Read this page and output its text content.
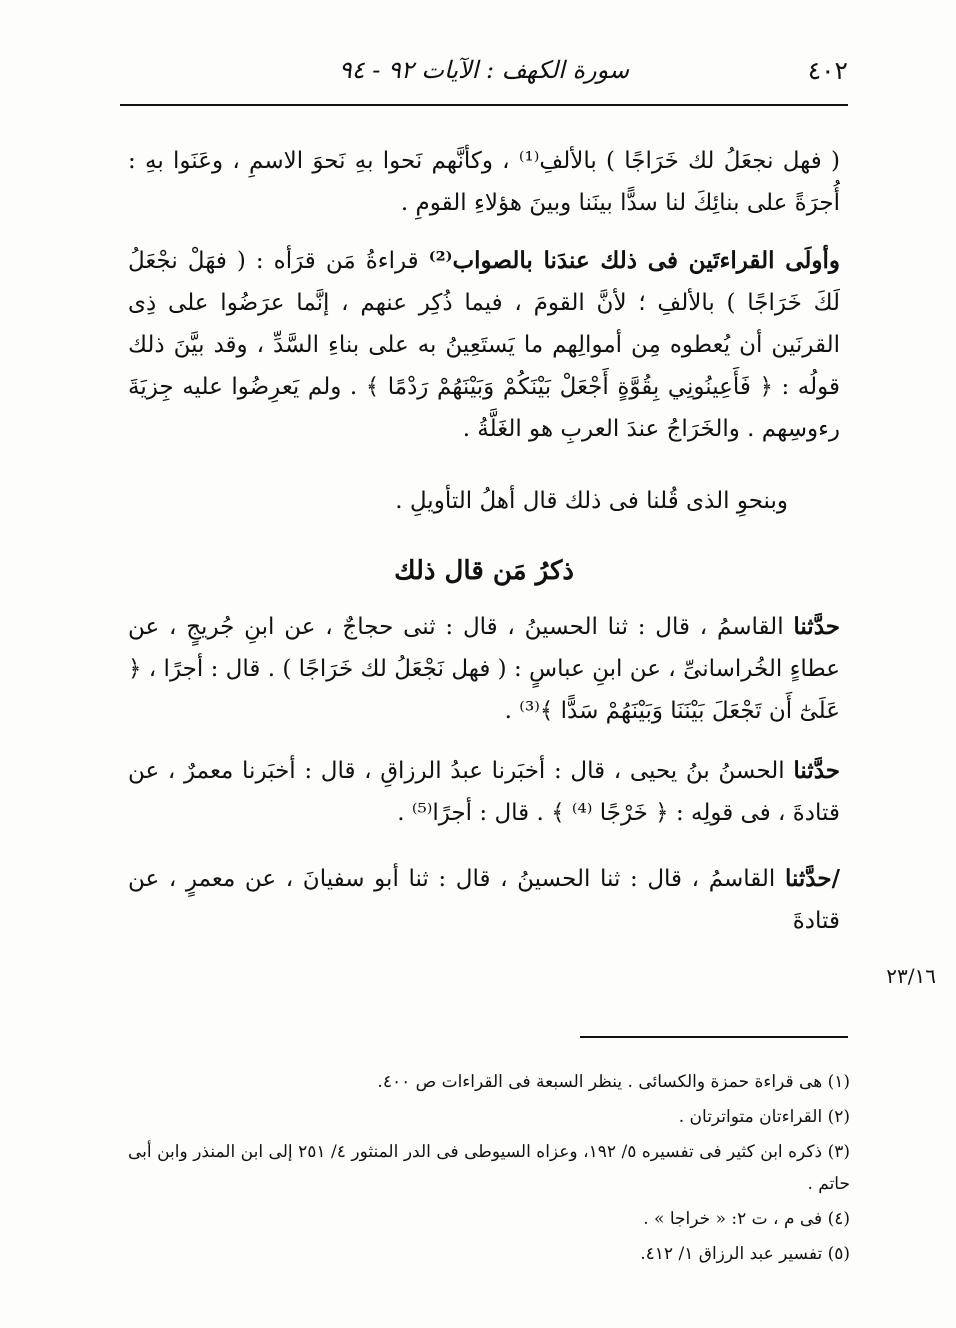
٤٠٢
سورة الكهف : الآيات ٩٢ - ٩٤

( فهل نجعَلُ لك خَرَاجًا ) بالألفِ⁽¹⁾ ، وكأنَّهم نَحوا بهِ نَحوَ الاسمِ ، وعَنَوا بهِ : أُجرَةً على بنائِكَ لنا سدًّا بينَنا وبينَ هؤلاءِ القومِ .

وأولَى القراءتَين فى ذلك عندَنا بالصواب⁽²⁾ قراءةُ مَن قرَأه : ( فهَلْ نجْعَلُ لَكَ خَرَاجًا ) بالألفِ ؛ لأنَّ القومَ ، فيما ذُكِر عنهم ، إنَّما عرَضُوا على ذِى القرنَين أن يُعطوه مِن أموالِهم ما يَستَعِينُ به على بناءِ السَّدِّ ، وقد بيَّنَ ذلك قولُه : ﴿ فَأَعِينُونِي بِقُوَّةٍ أَجْعَلْ بَيْنَكُمْ وَبَيْنَهُمْ رَدْمًا ﴾ . ولم يَعرِضُوا عليه جِزيَةَ رءوسِهم . والخَرَاجُ عندَ العربِ هو الغَلَّةُ .

وبنحوِ الذى قُلنا فى ذلك قال أهلُ التأويلِ .

ذكرُ مَن قال ذلك

حدَّثنا القاسمُ ، قال : ثنا الحسينُ ، قال : ثنى حجاجٌ ، عن ابنِ جُريجٍ ، عن عطاءٍ الخُراسانىِّ ، عن ابنِ عباسٍ : ( فهل نَجْعَلُ لك خَرَاجًا ) . قال : أجرًا ، ﴿ عَلَىٰٓ أَن تَجْعَلَ بَيْنَنَا وَبَيْنَهُمْ سَدًّا ﴾⁽³⁾ .

حدَّثنا الحسنُ بنُ يحيى ، قال : أخبَرنا عبدُ الرزاقِ ، قال : أخبَرنا معمرٌ ، عن قتادةَ ، فى قولِه : ﴿ خَرْجًا ⁽⁴⁾ ﴾ . قال : أجرًا⁽⁵⁾ .

/حدَّثنا القاسمُ ، قال : ثنا الحسينُ ، قال : ثنا أبو سفيانَ ، عن معمرٍ ، عن قتادةَ

٢٣/١٦

(١) هى قراءة حمزة والكسائى . ينظر السبعة فى القراءات ص ٤٠٠.

(٢) القراءتان متواترتان .

(٣) ذكره ابن كثير فى تفسيره ٥/ ١٩٢، وعزاه السيوطى فى الدر المنثور ٤/ ٢٥١ إلى ابن المنذر وابن أبى حاتم .

(٤) فى م ، ت ٢: « خراجا » .

(٥) تفسير عبد الرزاق ١/ ٤١٢.
